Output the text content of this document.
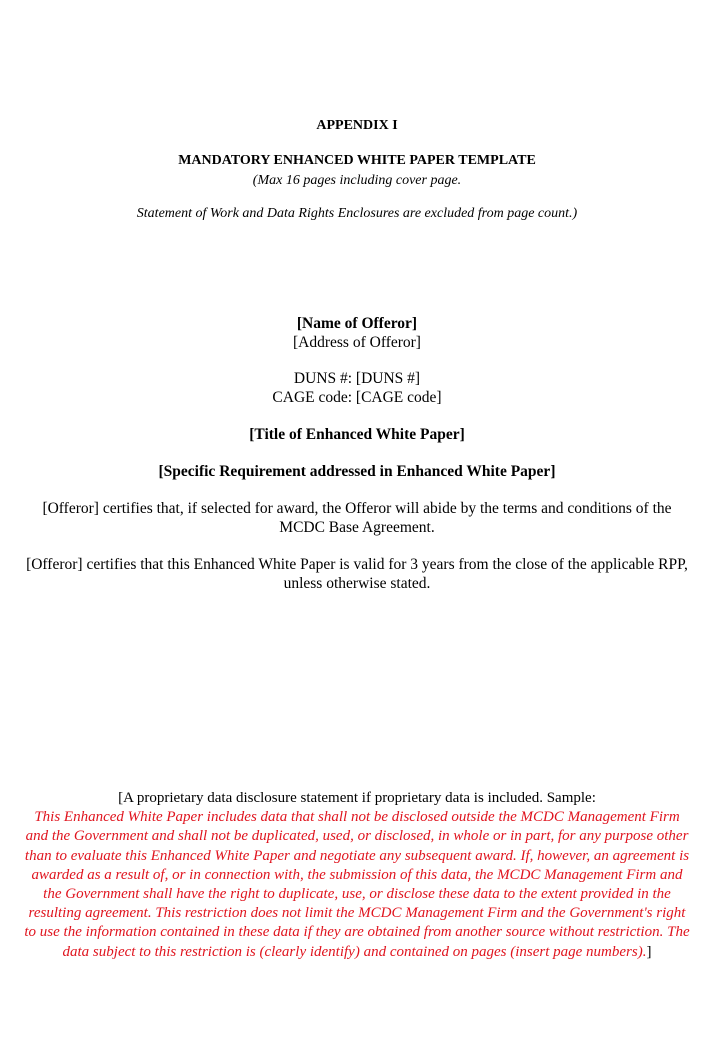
APPENDIX I
MANDATORY ENHANCED WHITE PAPER TEMPLATE
(Max 16 pages including cover page.
Statement of Work and Data Rights Enclosures are excluded from page count.)
[Name of Offeror]
[Address of Offeror]
DUNS #: [DUNS #]
CAGE code: [CAGE code]
[Title of Enhanced White Paper]
[Specific Requirement addressed in Enhanced White Paper]
[Offeror] certifies that, if selected for award, the Offeror will abide by the terms and conditions of the MCDC Base Agreement.
[Offeror] certifies that this Enhanced White Paper is valid for 3 years from the close of the applicable RPP, unless otherwise stated.
[A proprietary data disclosure statement if proprietary data is included. Sample:
This Enhanced White Paper includes data that shall not be disclosed outside the MCDC Management Firm and the Government and shall not be duplicated, used, or disclosed, in whole or in part, for any purpose other than to evaluate this Enhanced White Paper and negotiate any subsequent award. If, however, an agreement is awarded as a result of, or in connection with, the submission of this data, the MCDC Management Firm and the Government shall have the right to duplicate, use, or disclose these data to the extent provided in the resulting agreement. This restriction does not limit the MCDC Management Firm and the Government's right to use the information contained in these data if they are obtained from another source without restriction. The data subject to this restriction is (clearly identify) and contained on pages (insert page numbers).]
